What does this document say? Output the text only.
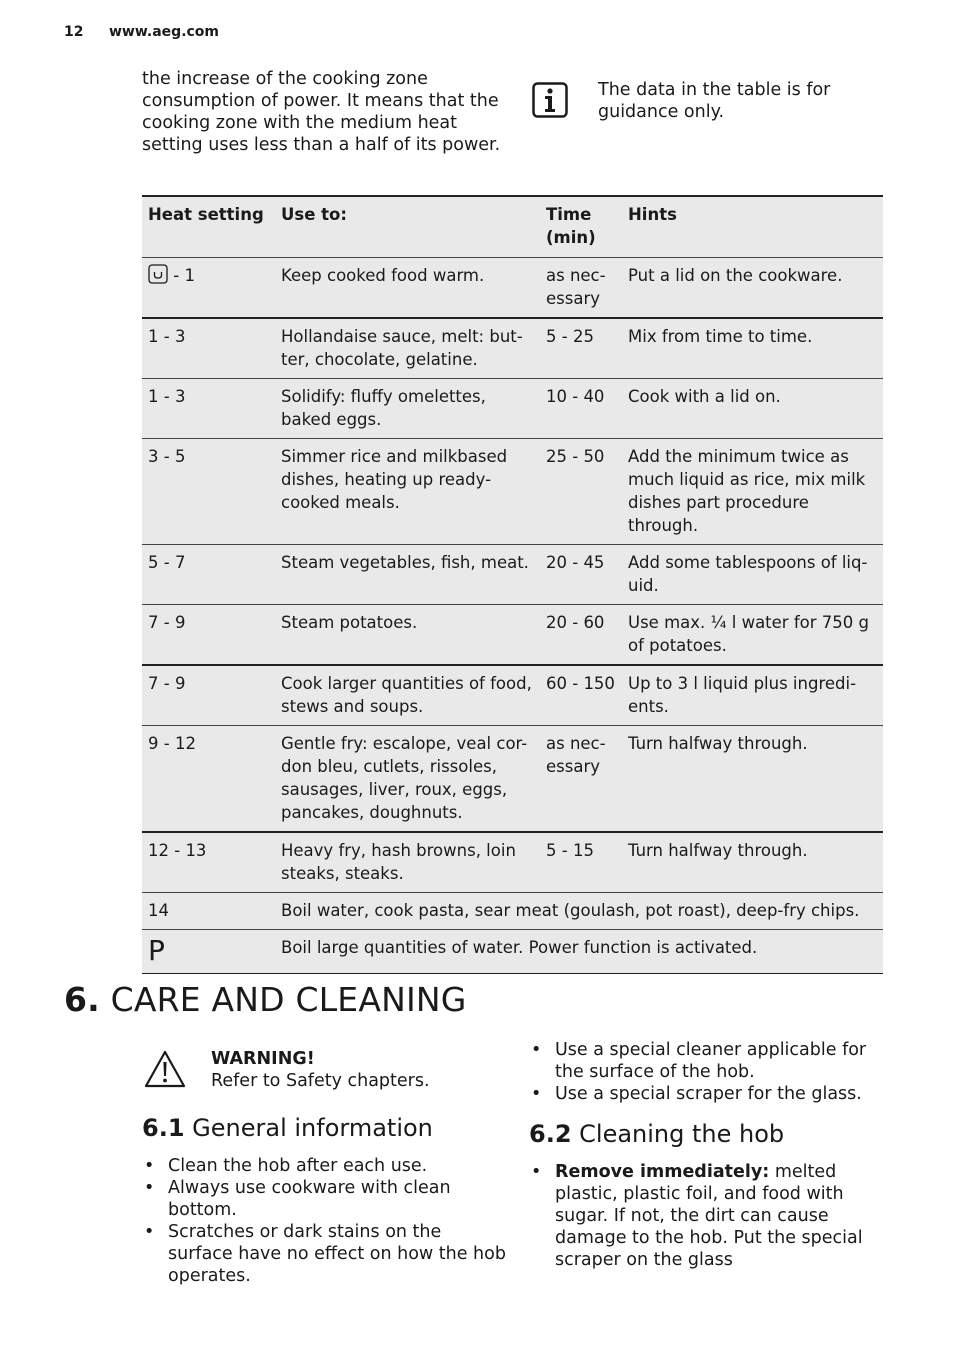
12 www.aeg.com
the increase of the cooking zone consumption of power. It means that the cooking zone with the medium heat setting uses less than a half of its power.
The data in the table is for guidance only.
Heat setting	Use to:	Time (min)	Hints
- 1	Keep cooked food warm.	as nec-essary	Put a lid on the cookware.
1 - 3	Hollandaise sauce, melt: but-ter, chocolate, gelatine.	5 - 25	Mix from time to time.
1 - 3	Solidify: fluffy omelettes, baked eggs.	10 - 40	Cook with a lid on.
3 - 5	Simmer rice and milkbased dishes, heating up ready-cooked meals.	25 - 50	Add the minimum twice as much liquid as rice, mix milk dishes part procedure through.
5 - 7	Steam vegetables, fish, meat.	20 - 45	Add some tablespoons of liq-uid.
7 - 9	Steam potatoes.	20 - 60	Use max. ¼ l water for 750 g of potatoes.
7 - 9	Cook larger quantities of food, stews and soups.	60 - 150	Up to 3 l liquid plus ingredi-ents.
9 - 12	Gentle fry: escalope, veal cor-don bleu, cutlets, rissoles, sausages, liver, roux, eggs, pancakes, doughnuts.	as nec-essary	Turn halfway through.
12 - 13	Heavy fry, hash browns, loin steaks, steaks.	5 - 15	Turn halfway through.
14	Boil water, cook pasta, sear meat (goulash, pot roast), deep-fry chips.		
P	Boil large quantities of water. Power function is activated.		
6. CARE AND CLEANING
WARNING!
Refer to Safety chapters.
6.1 General information
• Clean the hob after each use.
• Always use cookware with clean bottom.
• Scratches or dark stains on the surface have no effect on how the hob operates.
• Use a special cleaner applicable for the surface of the hob.
• Use a special scraper for the glass.
6.2 Cleaning the hob
• Remove immediately: melted plastic, plastic foil, and food with sugar. If not, the dirt can cause damage to the hob. Put the special scraper on the glass
